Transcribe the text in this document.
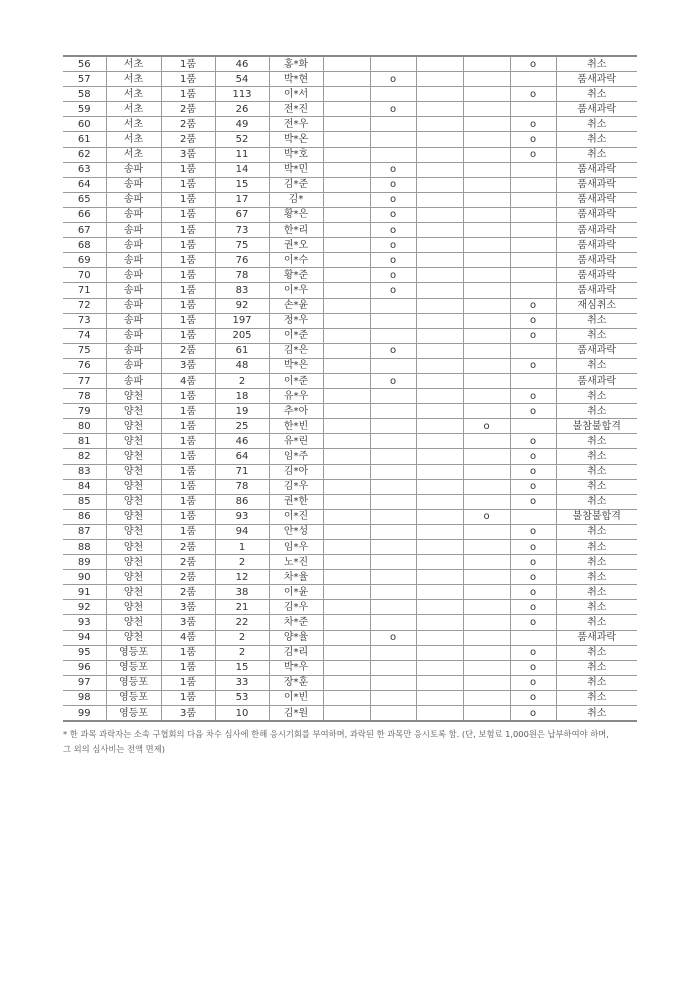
56	서초	1품	46	홍*화					o	취소
57	서초	1품	54	박*현		o				품새과락
58	서초	1품	113	이*서					o	취소
59	서초	2품	26	전*진		o				품새과락
60	서초	2품	49	전*우					o	취소
61	서초	2품	52	박*온					o	취소
62	서초	3품	11	박*호					o	취소
63	송파	1품	14	박*민		o				품새과락
64	송파	1품	15	김*준		o				품새과락
65	송파	1품	17	김*		o				품새과락
66	송파	1품	67	황*은		o				품새과락
67	송파	1품	73	한*리		o				품새과락
68	송파	1품	75	권*오		o				품새과락
69	송파	1품	76	이*수		o				품새과락
70	송파	1품	78	황*준		o				품새과락
71	송파	1품	83	이*우		o				품새과락
72	송파	1품	92	손*윤					o	재심취소
73	송파	1품	197	정*우					o	취소
74	송파	1품	205	이*준					o	취소
75	송파	2품	61	김*은		o				품새과락
76	송파	3품	48	박*은					o	취소
77	송파	4품	2	이*준		o				품새과락
78	양천	1품	18	유*우					o	취소
79	양천	1품	19	추*아					o	취소
80	양천	1품	25	한*빈				o		불참불합격
81	양천	1품	46	유*린					o	취소
82	양천	1품	64	임*주					o	취소
83	양천	1품	71	김*아					o	취소
84	양천	1품	78	김*우					o	취소
85	양천	1품	86	권*한					o	취소
86	양천	1품	93	이*진				o		불참불합격
87	양천	1품	94	안*성					o	취소
88	양천	2품	1	임*우					o	취소
89	양천	2품	2	노*진					o	취소
90	양천	2품	12	차*율					o	취소
91	양천	2품	38	이*윤					o	취소
92	양천	3품	21	김*우					o	취소
93	양천	3품	22	차*준					o	취소
94	양천	4품	2	양*율		o				품새과락
95	영등포	1품	2	김*리					o	취소
96	영등포	1품	15	박*우					o	취소
97	영등포	1품	33	장*훈					o	취소
98	영등포	1품	53	이*빈					o	취소
99	영등포	3품	10	김*원					o	취소
* 한 과목 과락자는 소속 구협회의 다음 차수 심사에 한해 응시기회를 부여하며, 과락된 한 과목만 응시토록 함. (단, 보험료 1,000원은 납부하여야 하며,
그 외의 심사비는 전액 면제)
